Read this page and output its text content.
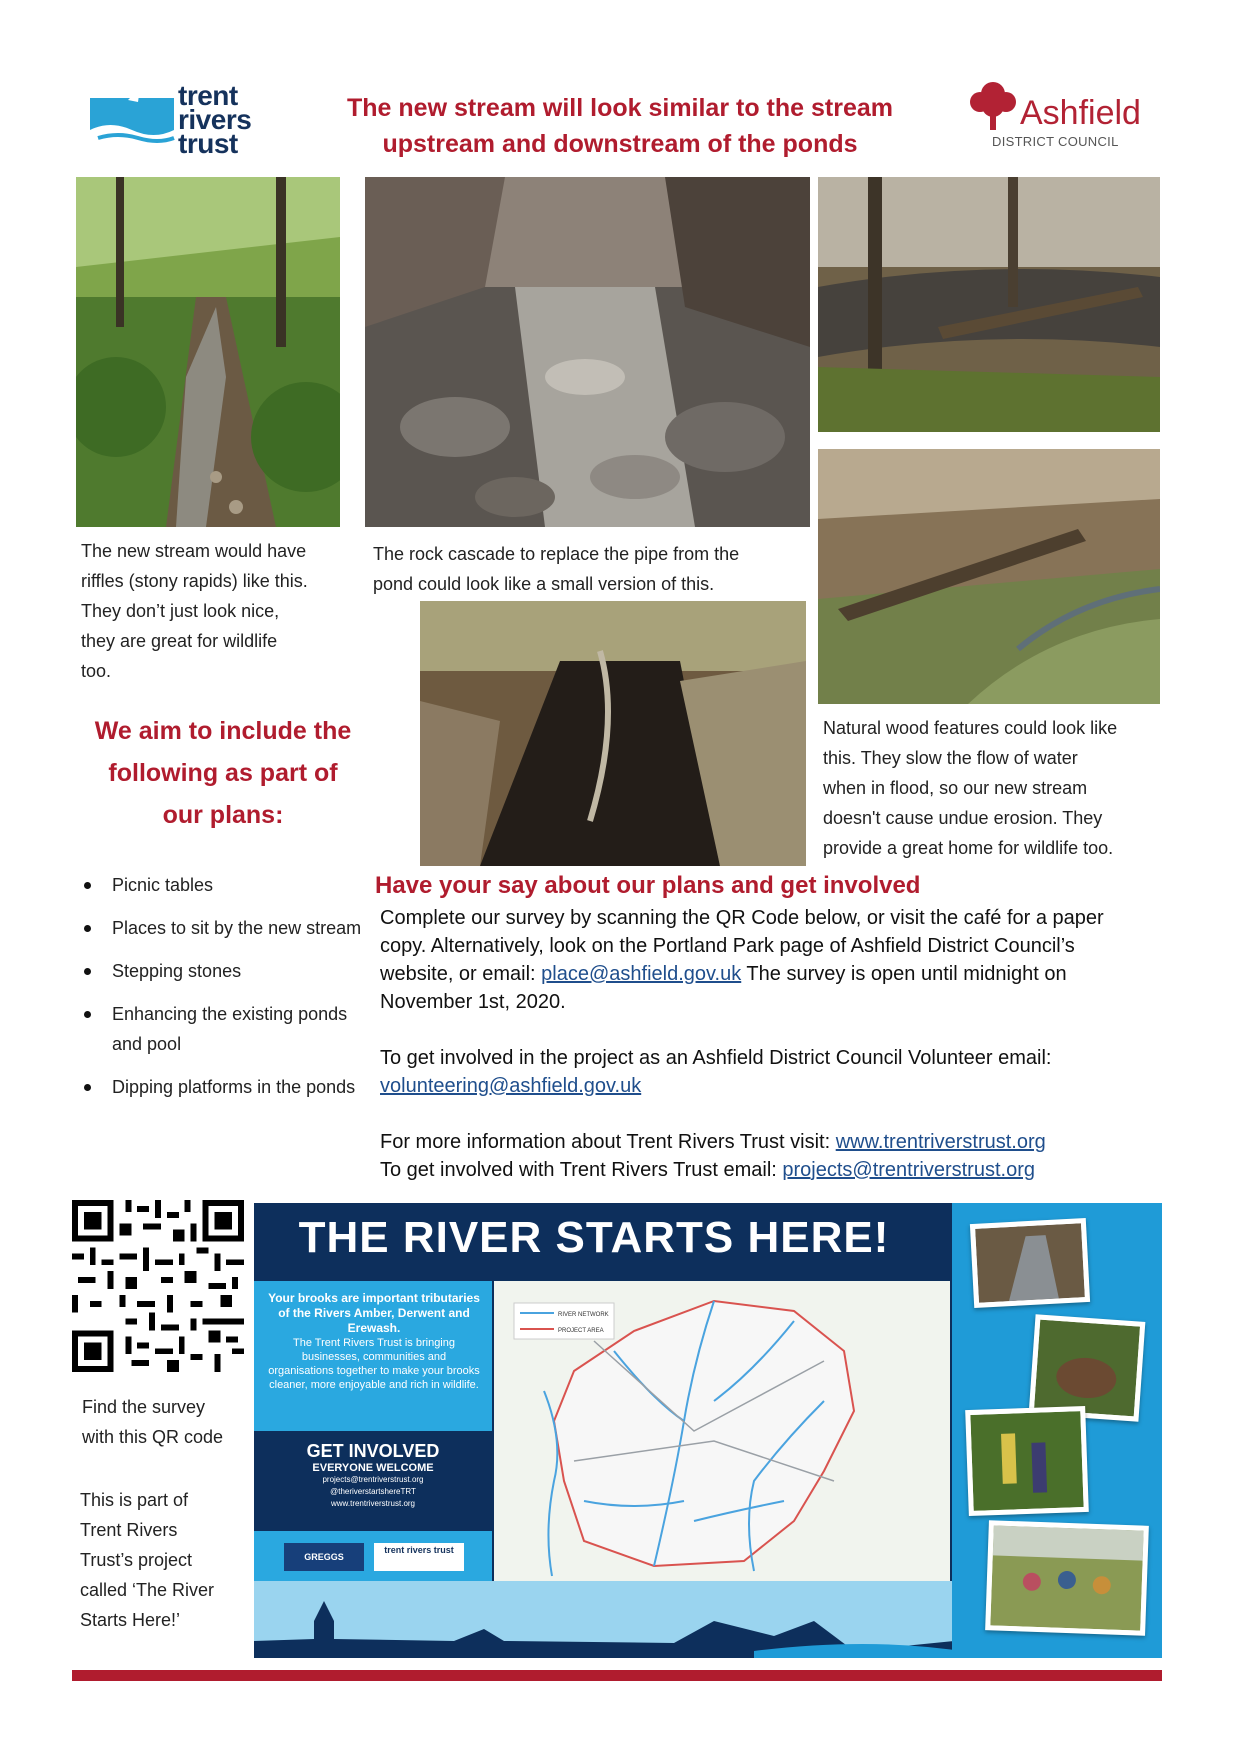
trent
rivers
trust
The new stream will look similar to the stream
upstream and downstream of the ponds
Ashfield
DISTRICT COUNCIL
The new stream would have
riffles (stony rapids) like this.
They don’t just look nice,
they are great for wildlife
too.
The rock cascade to replace the pipe from the
pond could look like a small version of this.
Natural wood features could look like
this. They slow the flow of water
when in flood, so our new stream
doesn't cause undue erosion. They
provide a great home for wildlife too.
We aim to include the
following as part of
our plans:
Picnic tables
Places to sit by the new stream
Stepping stones
Enhancing the existing ponds and pool
Dipping platforms in the ponds
Have your say about our plans and get involved

Complete our survey by scanning the QR Code below, or visit the café for a paper copy. Alternatively, look on the Portland Park page of Ashfield District Council’s website, or email: place@ashfield.gov.uk The survey is open until midnight on November 1st, 2020.

To get involved in the project as an Ashfield District Council Volunteer email: volunteering@ashfield.gov.uk

For more information about Trent Rivers Trust visit: www.trentriverstrust.org

To get involved with Trent Rivers Trust email: projects@trentriverstrust.org

Find the survey
with this QR code
This is part of
Trent Rivers
Trust’s project
called ‘The River
Starts Here!’
THE RIVER STARTS HERE!
Your brooks are important tributaries of the Rivers Amber, Derwent and Erewash.
The Trent Rivers Trust is bringing businesses, communities and organisations together to make your brooks cleaner, more enjoyable and rich in wildlife.
GET INVOLVED
EVERYONE WELCOME
projects@trentriverstrust.org
@theriverstartshereTRT
www.trentriverstrust.org
GREGGS
trent rivers trust
RIVER NETWORK
PROJECT AREA
